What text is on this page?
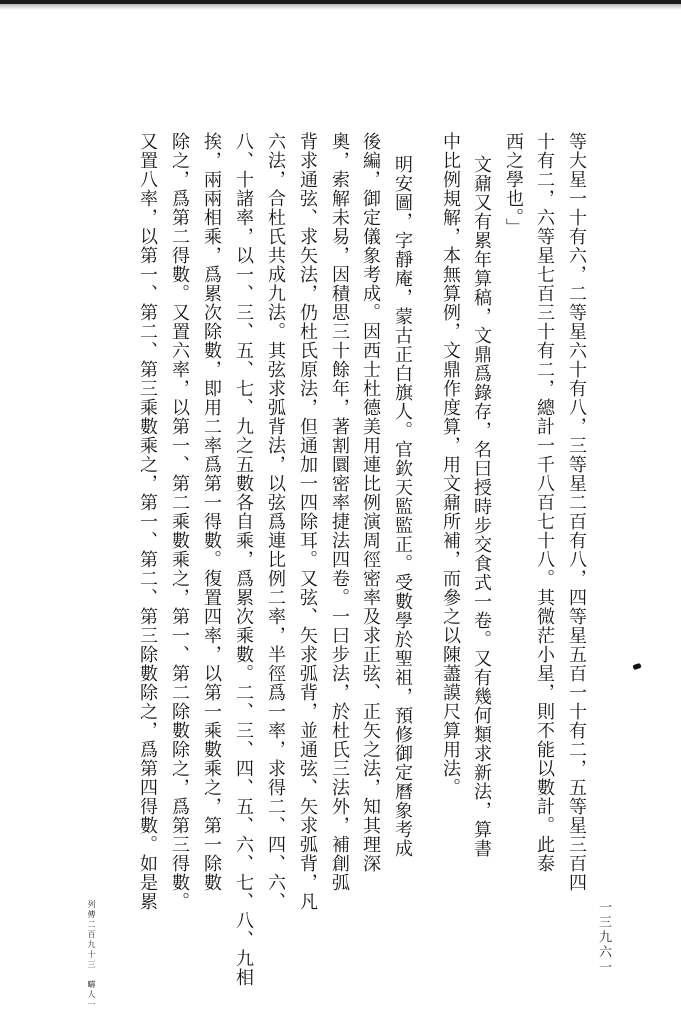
等大星一十有六，二等星六十有八，三等星二百有八，四等星五百一十有二，五等星三百四
十有二，六等星七百三十有二，總計一千八百七十八。其微茫小星，則不能以數計。此泰
西之學也。」
文鼐又有累年算稿，文鼎爲錄存，名曰授時步交食式一卷。又有幾何類求新法，算書
中比例規解，本無算例，文鼎作度算，用文鼐所補，而參之以陳藎謨尺算用法。
明安圖，字靜庵，蒙古正白旗人。官欽天監監正。受數學於聖祖，預修御定曆象考成
後編，御定儀象考成。因西士杜德美用連比例演周徑密率及求正弦、正矢之法，知其理深
奧，索解未易，因積思三十餘年，著割圜密率捷法四卷。一曰步法，於杜氏三法外，補創弧
背求通弦、求矢法，仍杜氏原法，但通加一四除耳。又弦、矢求弧背，並通弦、矢求弧背，凡
六法，合杜氏共成九法。其弦求弧背法，以弦爲連比例二率，半徑爲一率，求得二、四、六、
八、十諸率，以一、三、五、七、九之五數各自乘，爲累次乘數。二、三、四、五、六、七、八、九相
挨，兩兩相乘，爲累次除數，即用二率爲第一得數。復置四率，以第一乘數乘之，第一除數
除之，爲第二得數。又置六率，以第一、第二乘數乘之，第一、第二除數除之，爲第三得數。
又置八率，以第一、第二、第三乘數乘之，第一、第二、第三除數除之，爲第四得數。如是累
列傳二百九十三　疇人一	一三九六一
